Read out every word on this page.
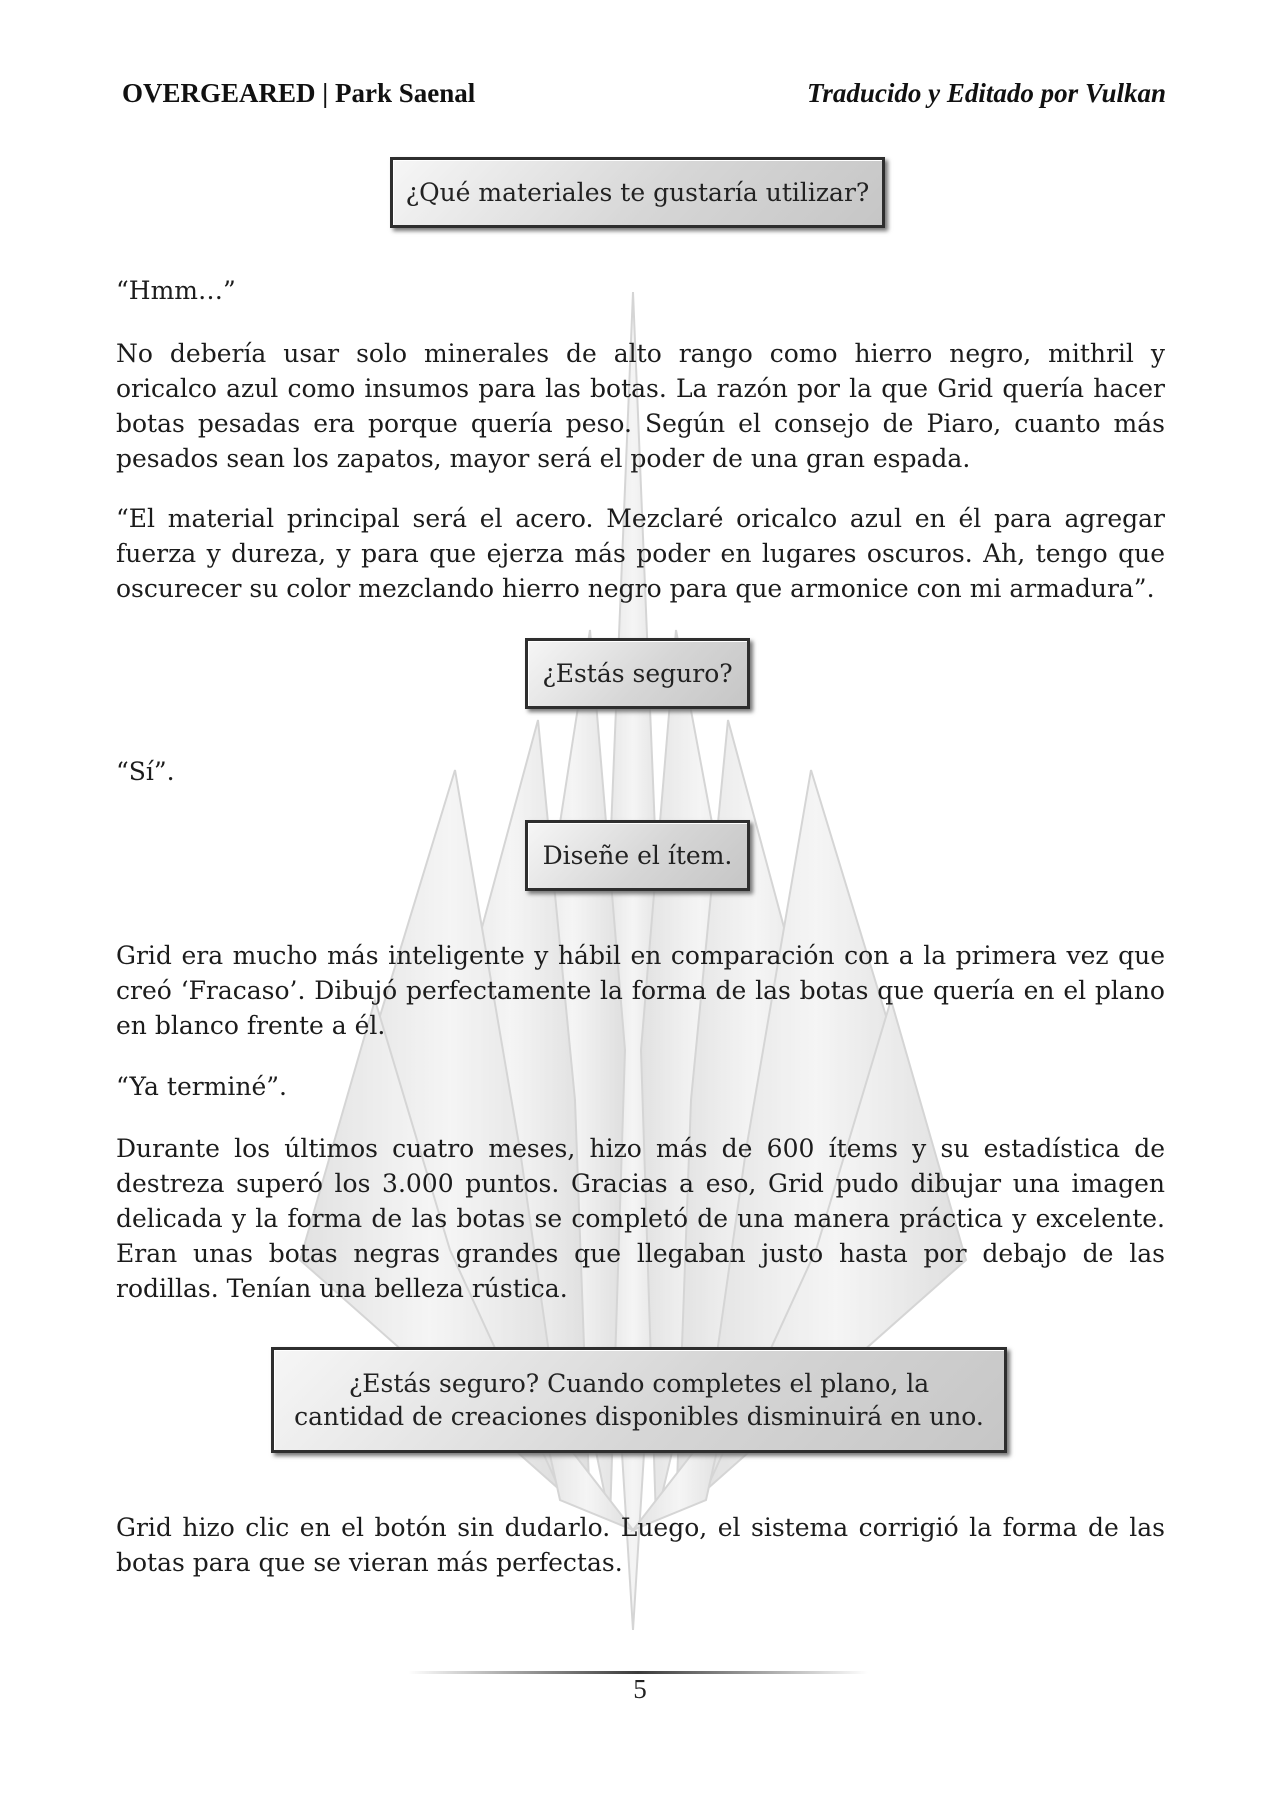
OVERGEARED | Park Saenal	Traducido y Editado por Vulkan
¿Qué materiales te gustaría utilizar?

“Hmm…”

No debería usar solo minerales de alto rango como hierro negro, mithril y oricalco azul como insumos para las botas. La razón por la que Grid quería hacer botas pesadas era porque quería peso. Según el consejo de Piaro, cuanto más pesados sean los zapatos, mayor será el poder de una gran espada.

“El material principal será el acero. Mezclaré oricalco azul en él para agregar fuerza y dureza, y para que ejerza más poder en lugares oscuros. Ah, tengo que oscurecer su color mezclando hierro negro para que armonice con mi armadura”.

¿Estás seguro?

“Sí”.

Diseñe el ítem.

Grid era mucho más inteligente y hábil en comparación con a la primera vez que creó ‘Fracaso’. Dibujó perfectamente la forma de las botas que quería en el plano en blanco frente a él.

“Ya terminé”.

Durante los últimos cuatro meses, hizo más de 600 ítems y su estadística de destreza superó los 3.000 puntos. Gracias a eso, Grid pudo dibujar una imagen delicada y la forma de las botas se completó de una manera práctica y excelente. Eran unas botas negras grandes que llegaban justo hasta por debajo de las rodillas. Tenían una belleza rústica.

¿Estás seguro? Cuando completes el plano, la cantidad de creaciones disponibles disminuirá en uno.

Grid hizo clic en el botón sin dudarlo. Luego, el sistema corrigió la forma de las botas para que se vieran más perfectas.

5
